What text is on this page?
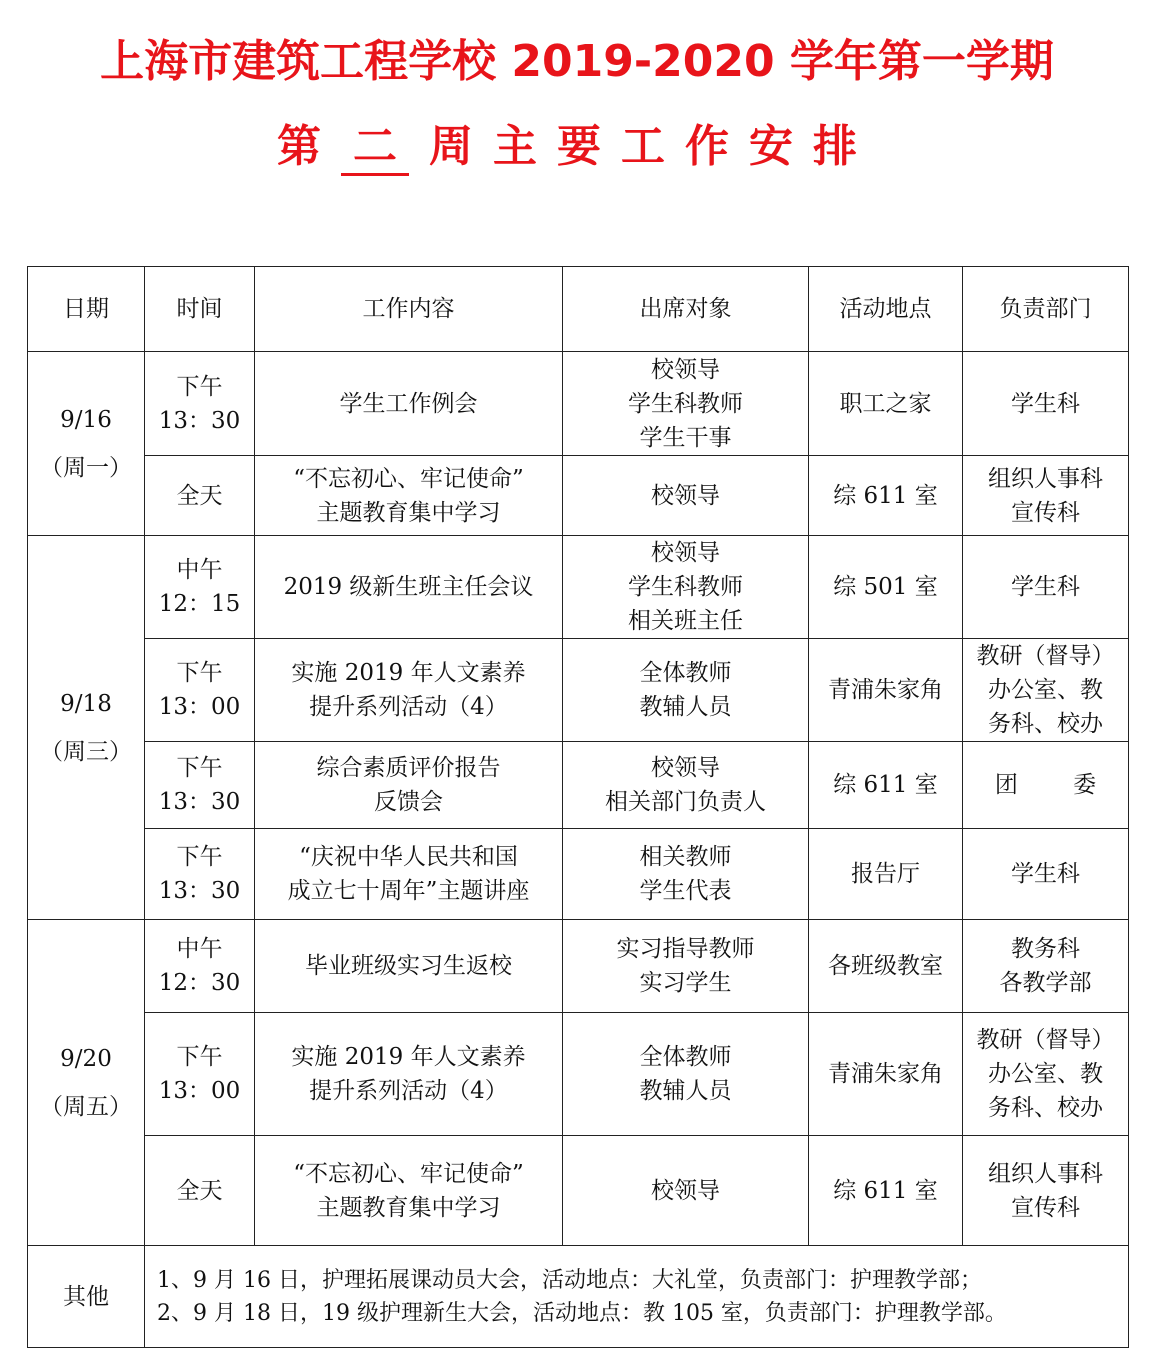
上海市建筑工程学校 2019-2020 学年第一学期
第 二 周主要工作安排
日期	时间	工作内容	出席对象	活动地点	负责部门

9/16
（周一）	下午
13：30	学生工作例会	校领导
学生科教师
学生干事	职工之家	学生科

	全天	“不忘初心、牢记使命”
主题教育集中学习	校领导	综 611 室	组织人事科
宣传科

9/18
（周三）	中午
12：15	2019 级新生班主任会议	校领导
学生科教师
相关班主任	综 501 室	学生科

	下午
13：00	实施 2019 年人文素养
提升系列活动（4）	全体教师
教辅人员	青浦朱家角	教研（督导）
办公室、教
务科、校办

	下午
13：30	综合素质评价报告
反馈会	校领导
相关部门负责人	综 611 室	团 委

	下午
13：30	“庆祝中华人民共和国
成立七十周年”主题讲座	相关教师
学生代表	报告厅	学生科

9/20
（周五）	中午
12：30	毕业班级实习生返校	实习指导教师
实习学生	各班级教室	教务科
各教学部

	下午
13：00	实施 2019 年人文素养
提升系列活动（4）	全体教师
教辅人员	青浦朱家角	教研（督导）
办公室、教
务科、校办

	全天	“不忘初心、牢记使命”
主题教育集中学习	校领导	综 611 室	组织人事科
宣传科

其他	1、9 月 16 日，护理拓展课动员大会，活动地点：大礼堂，负责部门：护理教学部；
2、9 月 18 日，19 级护理新生大会，活动地点：教 105 室，负责部门：护理教学部。				
